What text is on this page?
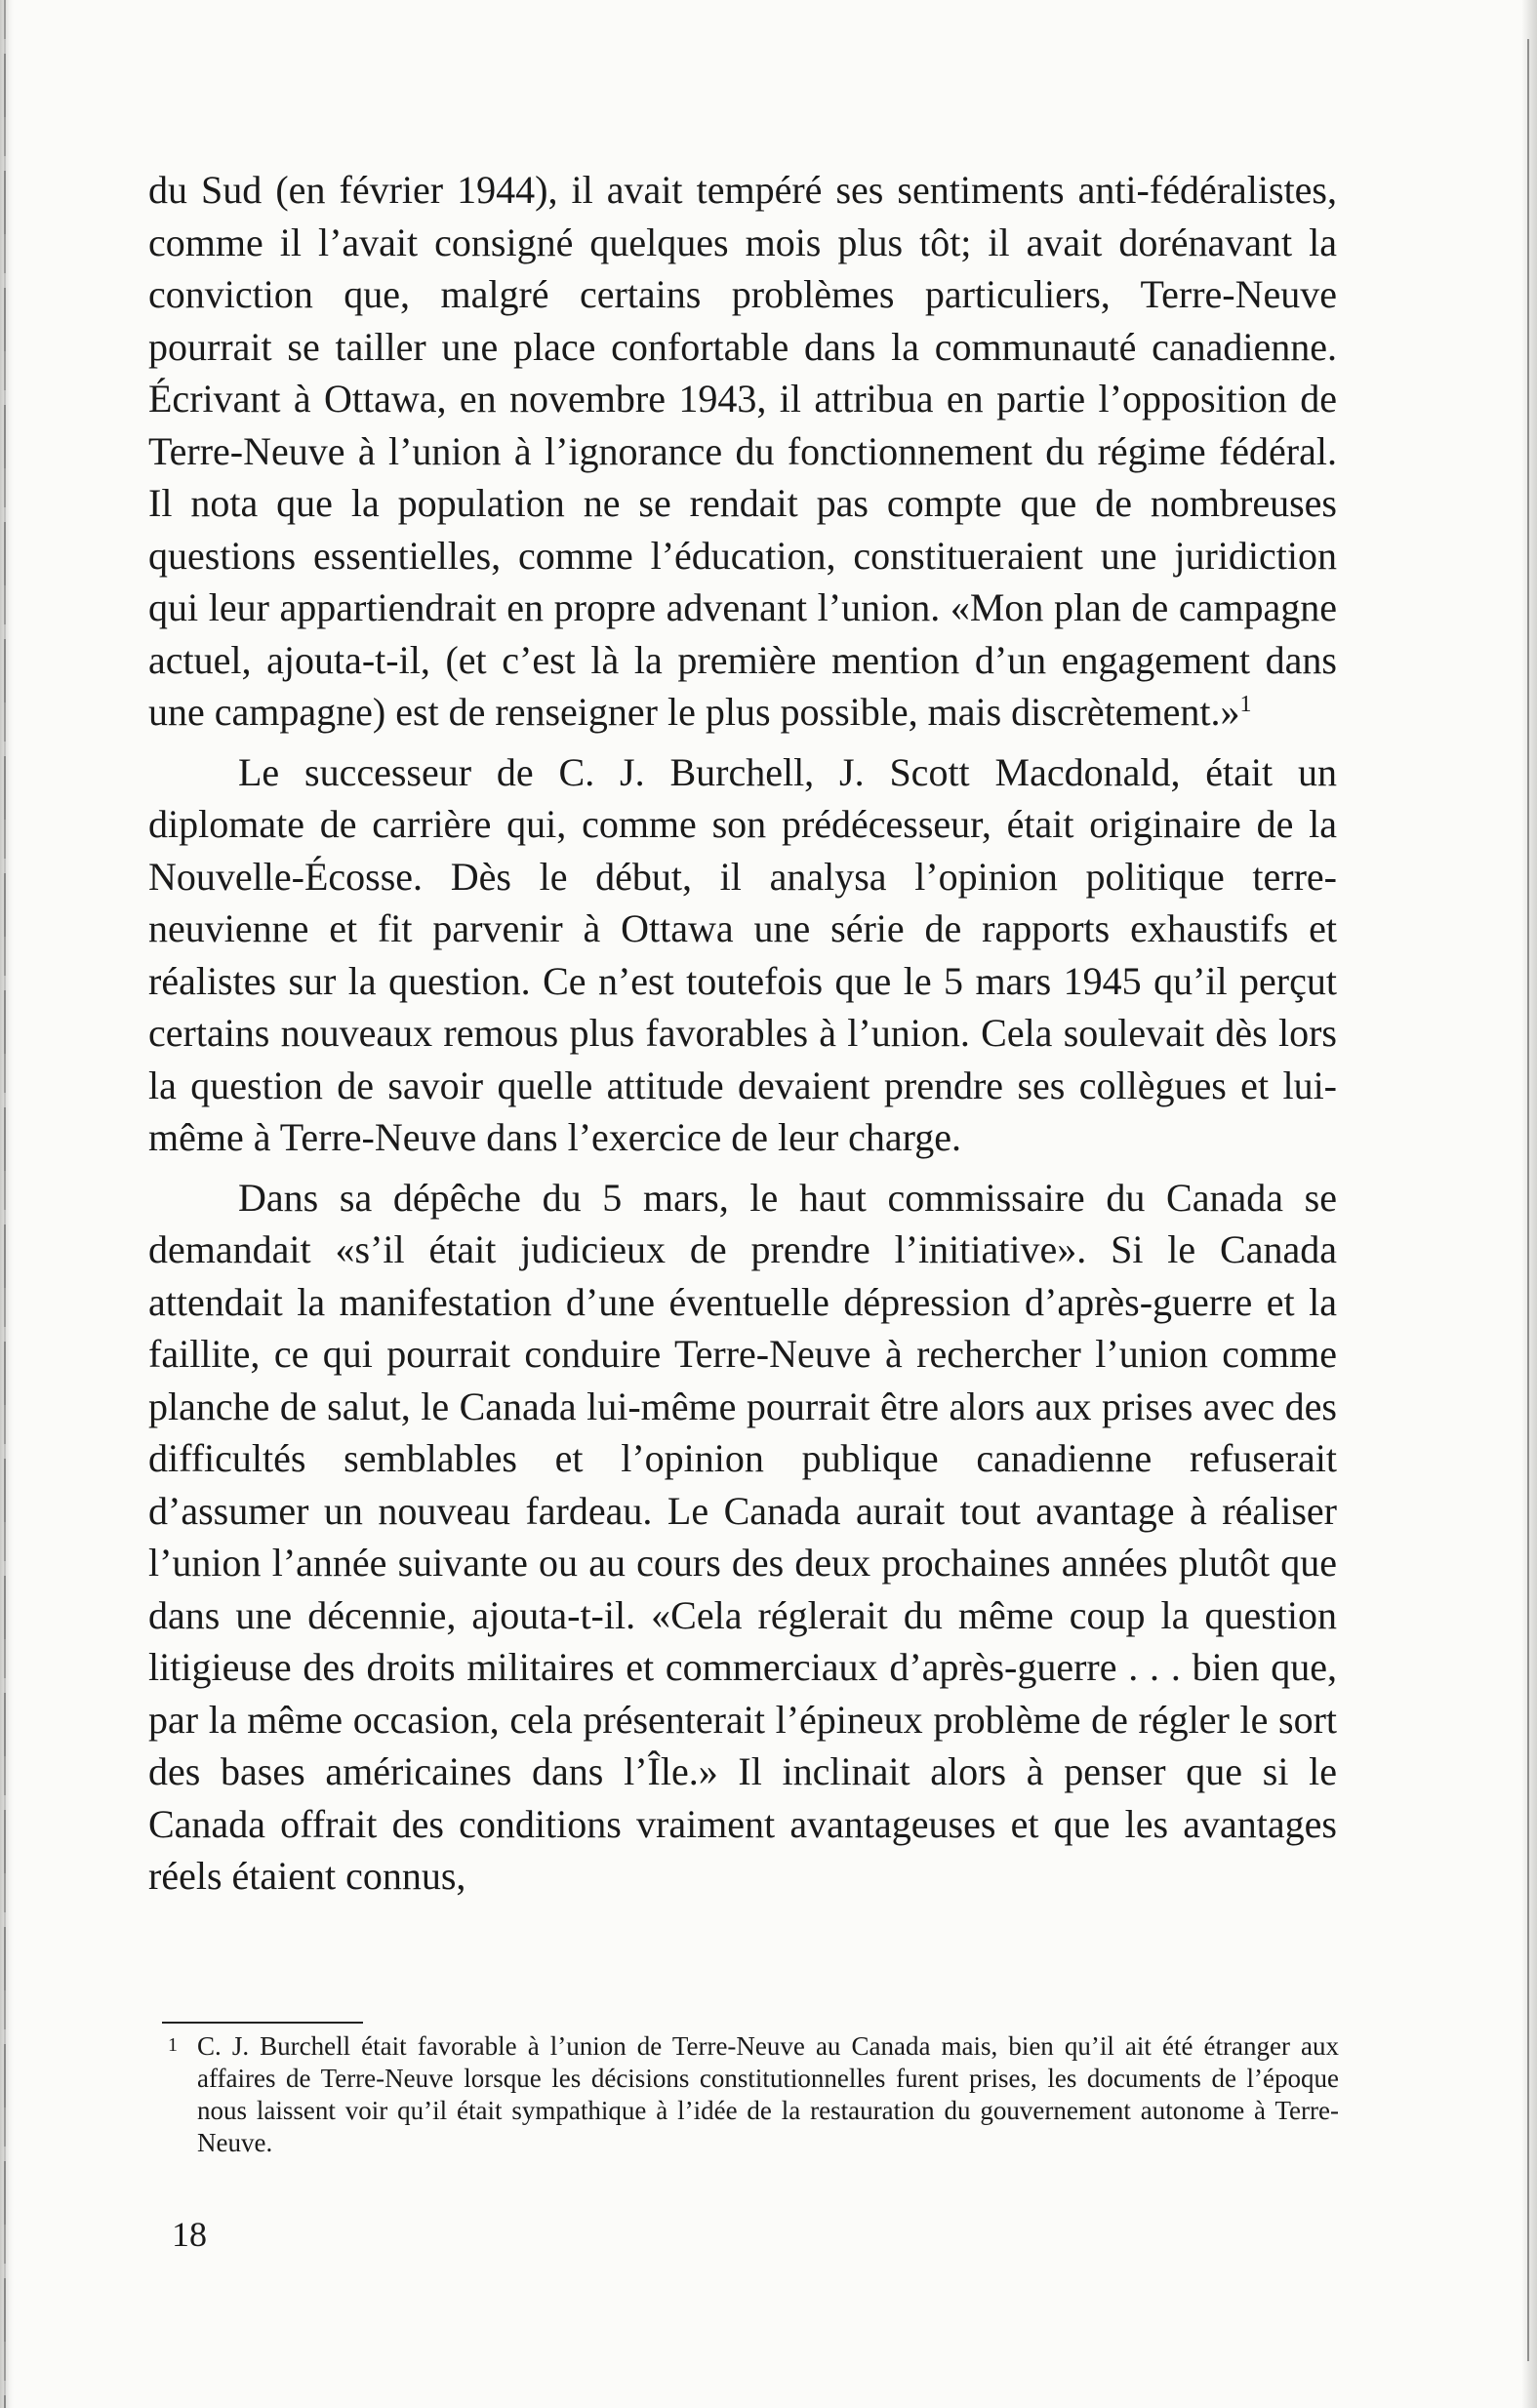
du Sud (en février 1944), il avait tempéré ses sentiments anti-fédéralistes, comme il l’avait consigné quelques mois plus tôt; il avait dorénavant la conviction que, malgré certains problèmes particuliers, Terre-Neuve pourrait se tailler une place confortable dans la communauté canadienne. Écrivant à Ottawa, en novembre 1943, il attribua en partie l’opposition de Terre-Neuve à l’union à l’ignorance du fonctionnement du régime fédéral. Il nota que la population ne se rendait pas compte que de nombreuses questions essentielles, comme l’éducation, constitueraient une juridiction qui leur appartiendrait en propre advenant l’union. «Mon plan de campagne actuel, ajouta-t-il, (et c’est là la première mention d’un engagement dans une campagne) est de renseigner le plus possible, mais discrètement.»$^1$

Le successeur de C. J. Burchell, J. Scott Macdonald, était un diplomate de carrière qui, comme son prédécesseur, était originaire de la Nouvelle-Écosse. Dès le début, il analysa l’opinion politique terre-neuvienne et fit parvenir à Ottawa une série de rapports exhaustifs et réalistes sur la question. Ce n’est toutefois que le 5 mars 1945 qu’il perçut certains nouveaux remous plus favorables à l’union. Cela soulevait dès lors la question de savoir quelle attitude devaient prendre ses collègues et lui-même à Terre-Neuve dans l’exercice de leur charge.

Dans sa dépêche du 5 mars, le haut commissaire du Canada se demandait «s’il était judicieux de prendre l’initiative». Si le Canada attendait la manifestation d’une éventuelle dépression d’après-guerre et la faillite, ce qui pourrait conduire Terre-Neuve à rechercher l’union comme planche de salut, le Canada lui-même pourrait être alors aux prises avec des difficultés semblables et l’opinion publique canadienne refuserait d’assumer un nouveau fardeau. Le Canada aurait tout avantage à réaliser l’union l’année suivante ou au cours des deux prochaines années plutôt que dans une décennie, ajouta-t-il. «Cela réglerait du même coup la question litigieuse des droits militaires et commerciaux d’après-guerre . . . bien que, par la même occasion, cela présenterait l’épineux problème de régler le sort des bases américaines dans l’Île.» Il inclinait alors à penser que si le Canada offrait des conditions vraiment avantageuses et que les avantages réels étaient connus,

1 C. J. Burchell était favorable à l’union de Terre-Neuve au Canada mais, bien qu’il ait été étranger aux affaires de Terre-Neuve lorsque les décisions constitutionnelles furent prises, les documents de l’époque nous laissent voir qu’il était sympathique à l’idée de la restauration du gouvernement autonome à Terre-Neuve.
18
